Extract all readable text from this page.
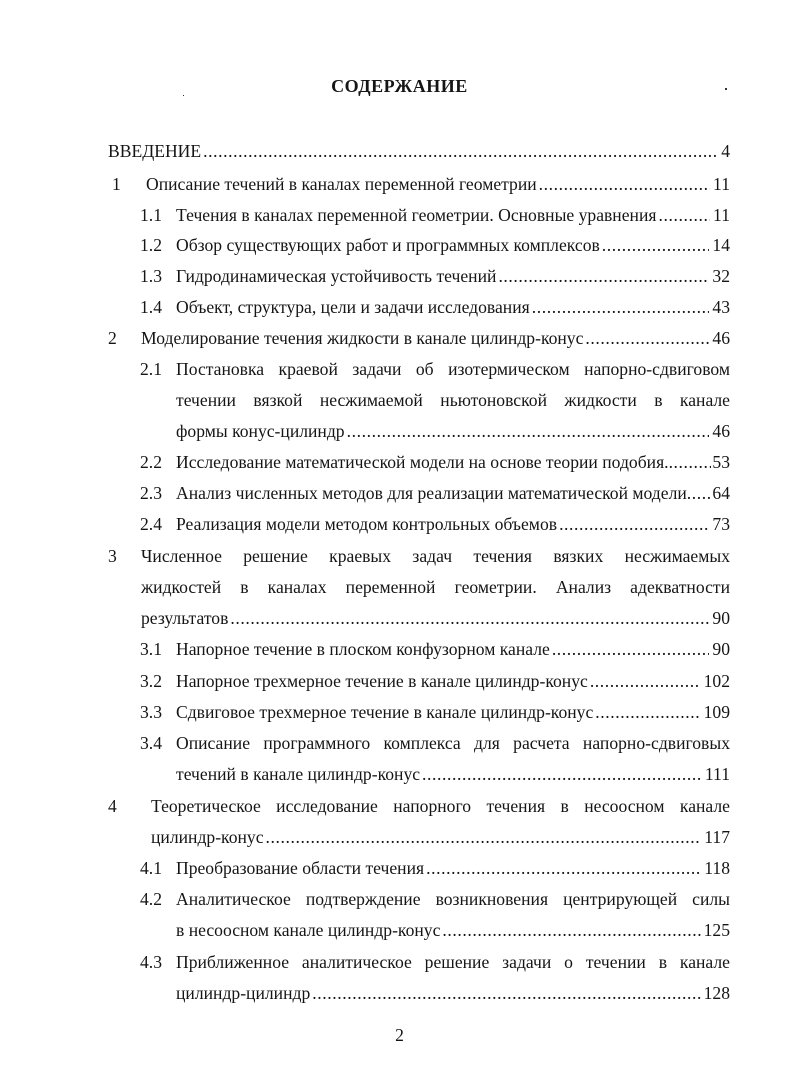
СОДЕРЖАНИЕ
ВВЕДЕНИЕ . . .	4
1 Описание течений в каналах переменной геометрии . . .	11
1.1 Течения в каналах переменной геометрии. Основные уравнения . . .	11
1.2 Обзор существующих работ и программных комплексов . . .	14
1.3 Гидродинамическая устойчивость течений . . .	32
1.4 Объект, структура, цели и задачи исследования . . .	43
2 Моделирование течения жидкости в канале цилиндр-конус . . .	46
2.1 Постановка краевой задачи об изотермическом напорно-сдвиговом
течении вязкой несжимаемой ньютоновской жидкости в канале
формы конус-цилиндр . . .	46
2.2 Исследование математической модели на основе теории подобия. . . . 53
2.3 Анализ численных методов для реализации математической модели . . . 64
2.4 Реализация модели методом контрольных объемов . . .	73
3 Численное решение краевых задач течения вязких несжимаемых
жидкостей в каналах переменной геометрии. Анализ адекватности
результатов . . .	90
3.1 Напорное течение в плоском конфузорном канале . . .	90
3.2 Напорное трехмерное течение в канале цилиндр-конус . . .	102
3.3 Сдвиговое трехмерное течение в канале цилиндр-конус . . .	109
3.4 Описание программного комплекса для расчета напорно-сдвиговых
течений в канале цилиндр-конус . . .	111
4 Теоретическое исследование напорного течения в несоосном канале
цилиндр-конус . . .	117
4.1 Преобразование области течения . . .	118
4.2 Аналитическое подтверждение возникновения центрирующей силы
в несоосном канале цилиндр-конус . . .	125
4.3 Приближенное аналитическое решение задачи о течении в канале
цилиндр-цилиндр . . .	128
2
